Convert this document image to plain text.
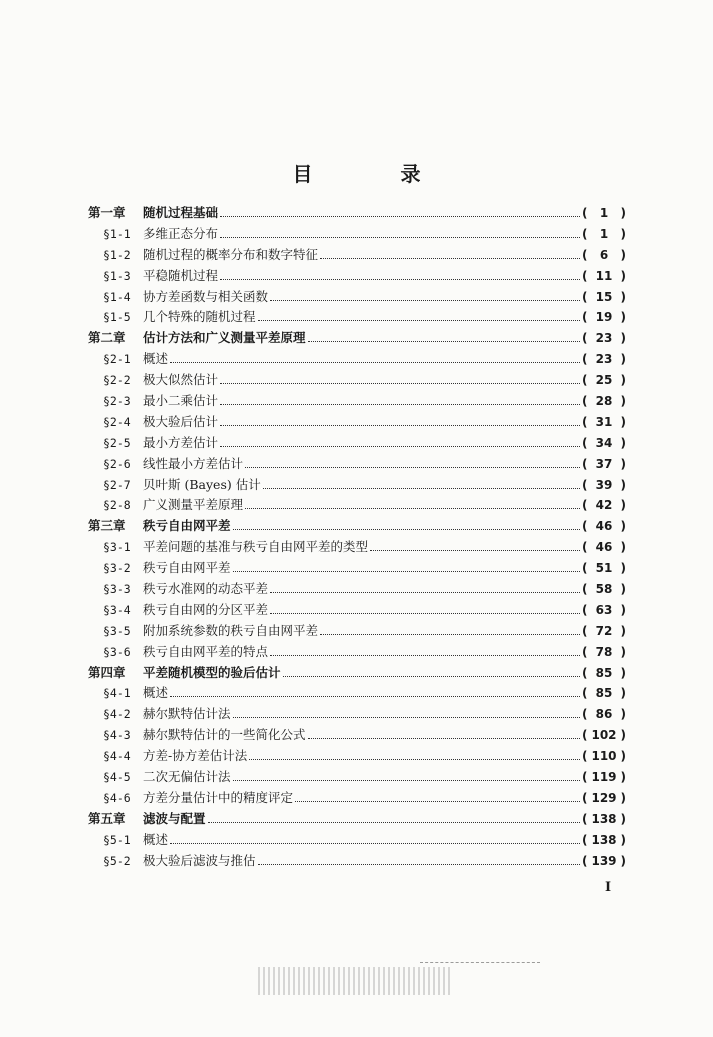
目　录
第一章	随机过程基础	( 1 )
§1-1 多维正态分布	( 1 )
§1-2 随机过程的概率分布和数字特征	( 6 )
§1-3 平稳随机过程	( 11 )
§1-4 协方差函数与相关函数	( 15 )
§1-5 几个特殊的随机过程	( 19 )
第二章	估计方法和广义测量平差原理	( 23 )
§2-1 概述	( 23 )
§2-2 极大似然估计	( 25 )
§2-3 最小二乘估计	( 28 )
§2-4 极大验后估计	( 31 )
§2-5 最小方差估计	( 34 )
§2-6 线性最小方差估计	( 37 )
§2-7 贝叶斯 (Bayes) 估计	( 39 )
§2-8 广义测量平差原理	( 42 )
第三章	秩亏自由网平差	( 46 )
§3-1 平差问题的基准与秩亏自由网平差的类型	( 46 )
§3-2 秩亏自由网平差	( 51 )
§3-3 秩亏水准网的动态平差	( 58 )
§3-4 秩亏自由网的分区平差	( 63 )
§3-5 附加系统参数的秩亏自由网平差	( 72 )
§3-6 秩亏自由网平差的特点	( 78 )
第四章	平差随机模型的验后估计	( 85 )
§4-1 概述	( 85 )
§4-2 赫尔默特估计法	( 86 )
§4-3 赫尔默特估计的一些简化公式	( 102 )
§4-4 方差-协方差估计法	( 110 )
§4-5 二次无偏估计法	( 119 )
§4-6 方差分量估计中的精度评定	( 129 )
第五章	滤波与配置	( 138 )
§5-1 概述	( 138 )
§5-2 极大验后滤波与推估	( 139 )
I
